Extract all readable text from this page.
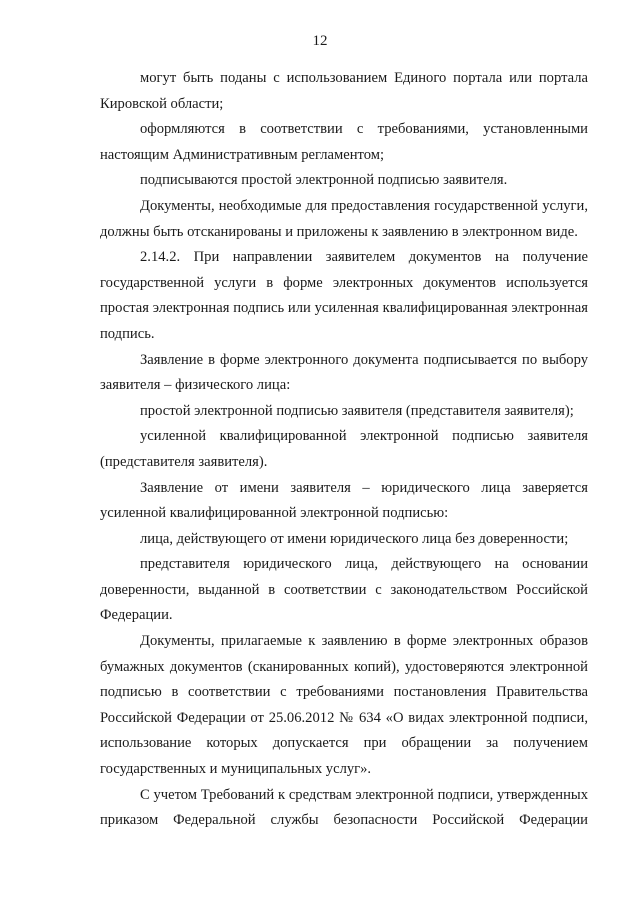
12

могут быть поданы с использованием Единого портала или портала Кировской области;

оформляются в соответствии с требованиями, установленными настоящим Административным регламентом;

подписываются простой электронной подписью заявителя.

Документы, необходимые для предоставления государственной услуги, должны быть отсканированы и приложены к заявлению в электронном виде.

2.14.2. При направлении заявителем документов на получение государственной услуги в форме электронных документов используется простая электронная подпись или усиленная квалифицированная электронная подпись.

Заявление в форме электронного документа подписывается по выбору заявителя – физического лица:

простой электронной подписью заявителя (представителя заявителя);

усиленной квалифицированной электронной подписью заявителя (представителя заявителя).

Заявление от имени заявителя – юридического лица заверяется усиленной квалифицированной электронной подписью:

лица, действующего от имени юридического лица без доверенности;

представителя юридического лица, действующего на основании доверенности, выданной в соответствии с законодательством Российской Федерации.

Документы, прилагаемые к заявлению в форме электронных образов бумажных документов (сканированных копий), удостоверяются электронной подписью в соответствии с требованиями постановления Правительства Российской Федерации от 25.06.2012 № 634 «О видах электронной подписи, использование которых допускается при обращении за получением государственных и муниципальных услуг».

С учетом Требований к средствам электронной подписи, утвержденных приказом Федеральной службы безопасности Российской Федерации
